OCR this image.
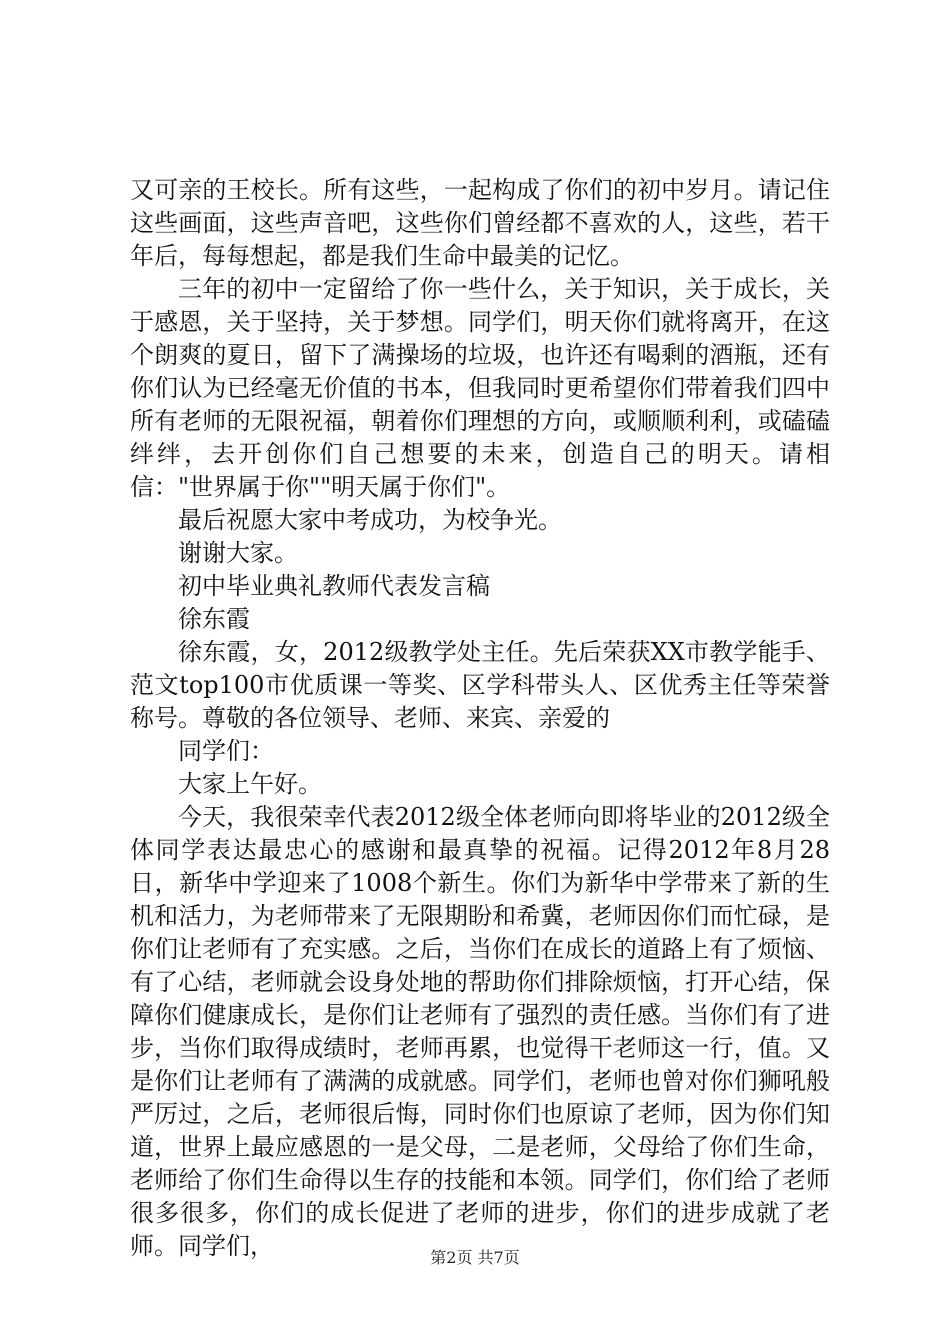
又可亲的王校长。所有这些，一起构成了你们的初中岁月。请记住这些画面，这些声音吧，这些你们曾经都不喜欢的人，这些，若干年后，每每想起，都是我们生命中最美的记忆。

三年的初中一定留给了你一些什么，关于知识，关于成长，关于感恩，关于坚持，关于梦想。同学们，明天你们就将离开，在这个朗爽的夏日，留下了满操场的垃圾，也许还有喝剩的酒瓶，还有你们认为已经毫无价值的书本，但我同时更希望你们带着我们四中所有老师的无限祝福，朝着你们理想的方向，或顺顺利利，或磕磕绊绊，去开创你们自己想要的未来，创造自己的明天。请相信："世界属于你""明天属于你们"。

最后祝愿大家中考成功，为校争光。

谢谢大家。

初中毕业典礼教师代表发言稿

徐东霞

徐东霞，女，2012级教学处主任。先后荣获XX市教学能手、范文top100市优质课一等奖、区学科带头人、区优秀主任等荣誉称号。尊敬的各位领导、老师、来宾、亲爱的

同学们：

大家上午好。

今天，我很荣幸代表2012级全体老师向即将毕业的2012级全体同学表达最忠心的感谢和最真挚的祝福。记得2012年8月28日，新华中学迎来了1008个新生。你们为新华中学带来了新的生机和活力，为老师带来了无限期盼和希冀，老师因你们而忙碌，是你们让老师有了充实感。之后，当你们在成长的道路上有了烦恼、有了心结，老师就会设身处地的帮助你们排除烦恼，打开心结，保障你们健康成长，是你们让老师有了强烈的责任感。当你们有了进步，当你们取得成绩时，老师再累，也觉得干老师这一行，值。又是你们让老师有了满满的成就感。同学们，老师也曾对你们狮吼般严厉过，之后，老师很后悔，同时你们也原谅了老师，因为你们知道，世界上最应感恩的一是父母，二是老师，父母给了你们生命，老师给了你们生命得以生存的技能和本领。同学们，你们给了老师很多很多，你们的成长促进了老师的进步，你们的进步成就了老师。同学们，	第2页 共7页
